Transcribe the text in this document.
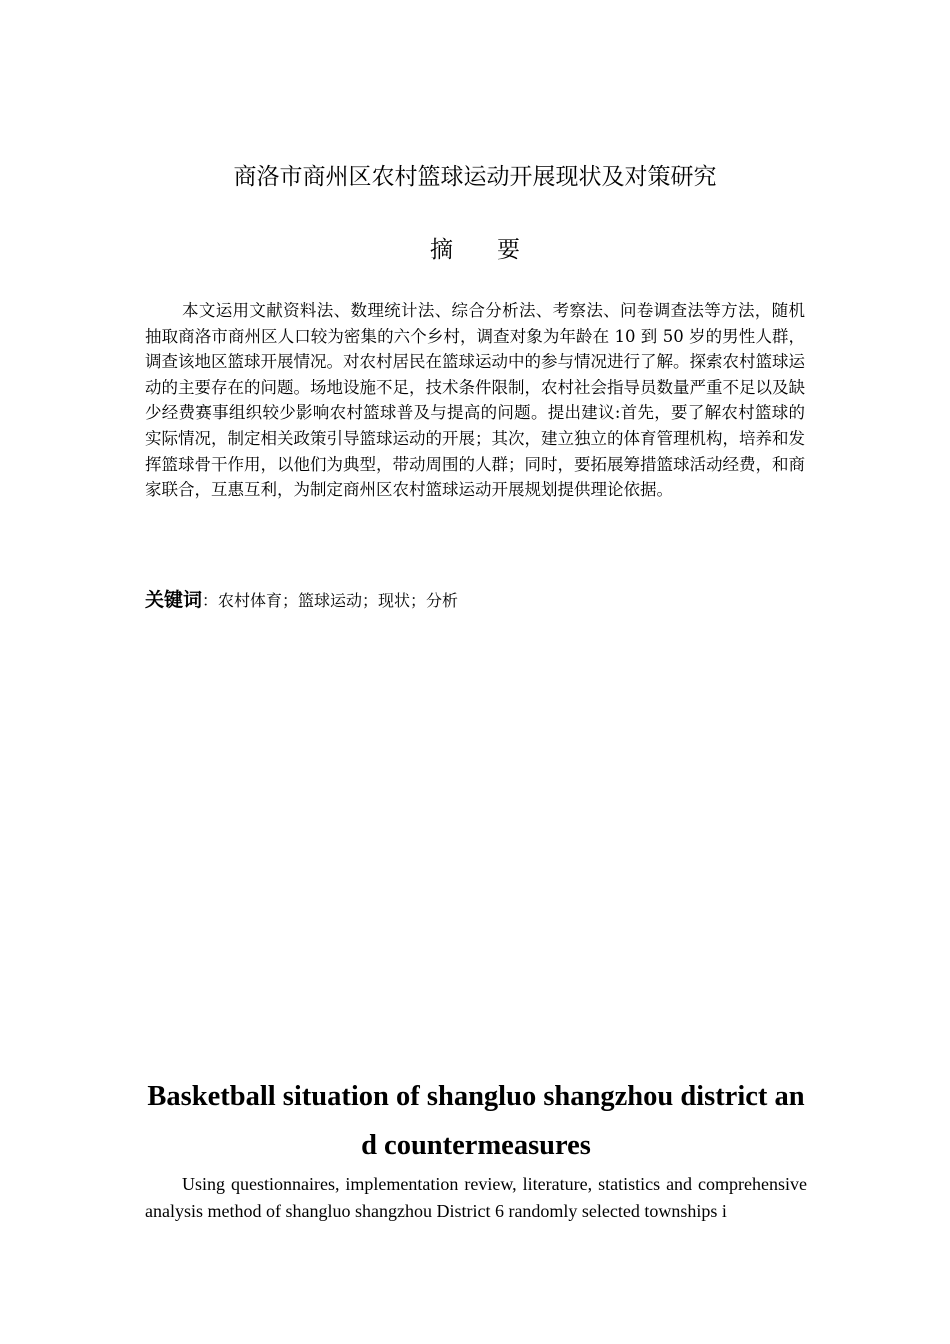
商洛市商州区农村篮球运动开展现状及对策研究
摘要

本文运用文献资料法、数理统计法、综合分析法、考察法、问卷调查法等方法，随机抽取商洛市商州区人口较为密集的六个乡村，调查对象为年龄在 10 到 50 岁的男性人群，调查该地区篮球开展情况。对农村居民在篮球运动中的参与情况进行了解。探索农村篮球运动的主要存在的问题。场地设施不足，技术条件限制，农村社会指导员数量严重不足以及缺少经费赛事组织较少影响农村篮球普及与提高的问题。提出建议:首先，要了解农村篮球的实际情况，制定相关政策引导篮球运动的开展；其次，建立独立的体育管理机构，培养和发挥篮球骨干作用，以他们为典型，带动周围的人群；同时，要拓展筹措篮球活动经费，和商家联合，互惠互利，为制定商州区农村篮球运动开展规划提供理论依据。

关键词：农村体育；篮球运动；现状；分析

Basketball situation of shangluo shangzhou district and countermeasures

Using questionnaires, implementation review, literature, statistics and comprehensive analysis method of shangluo shangzhou District 6 randomly selected townships i
